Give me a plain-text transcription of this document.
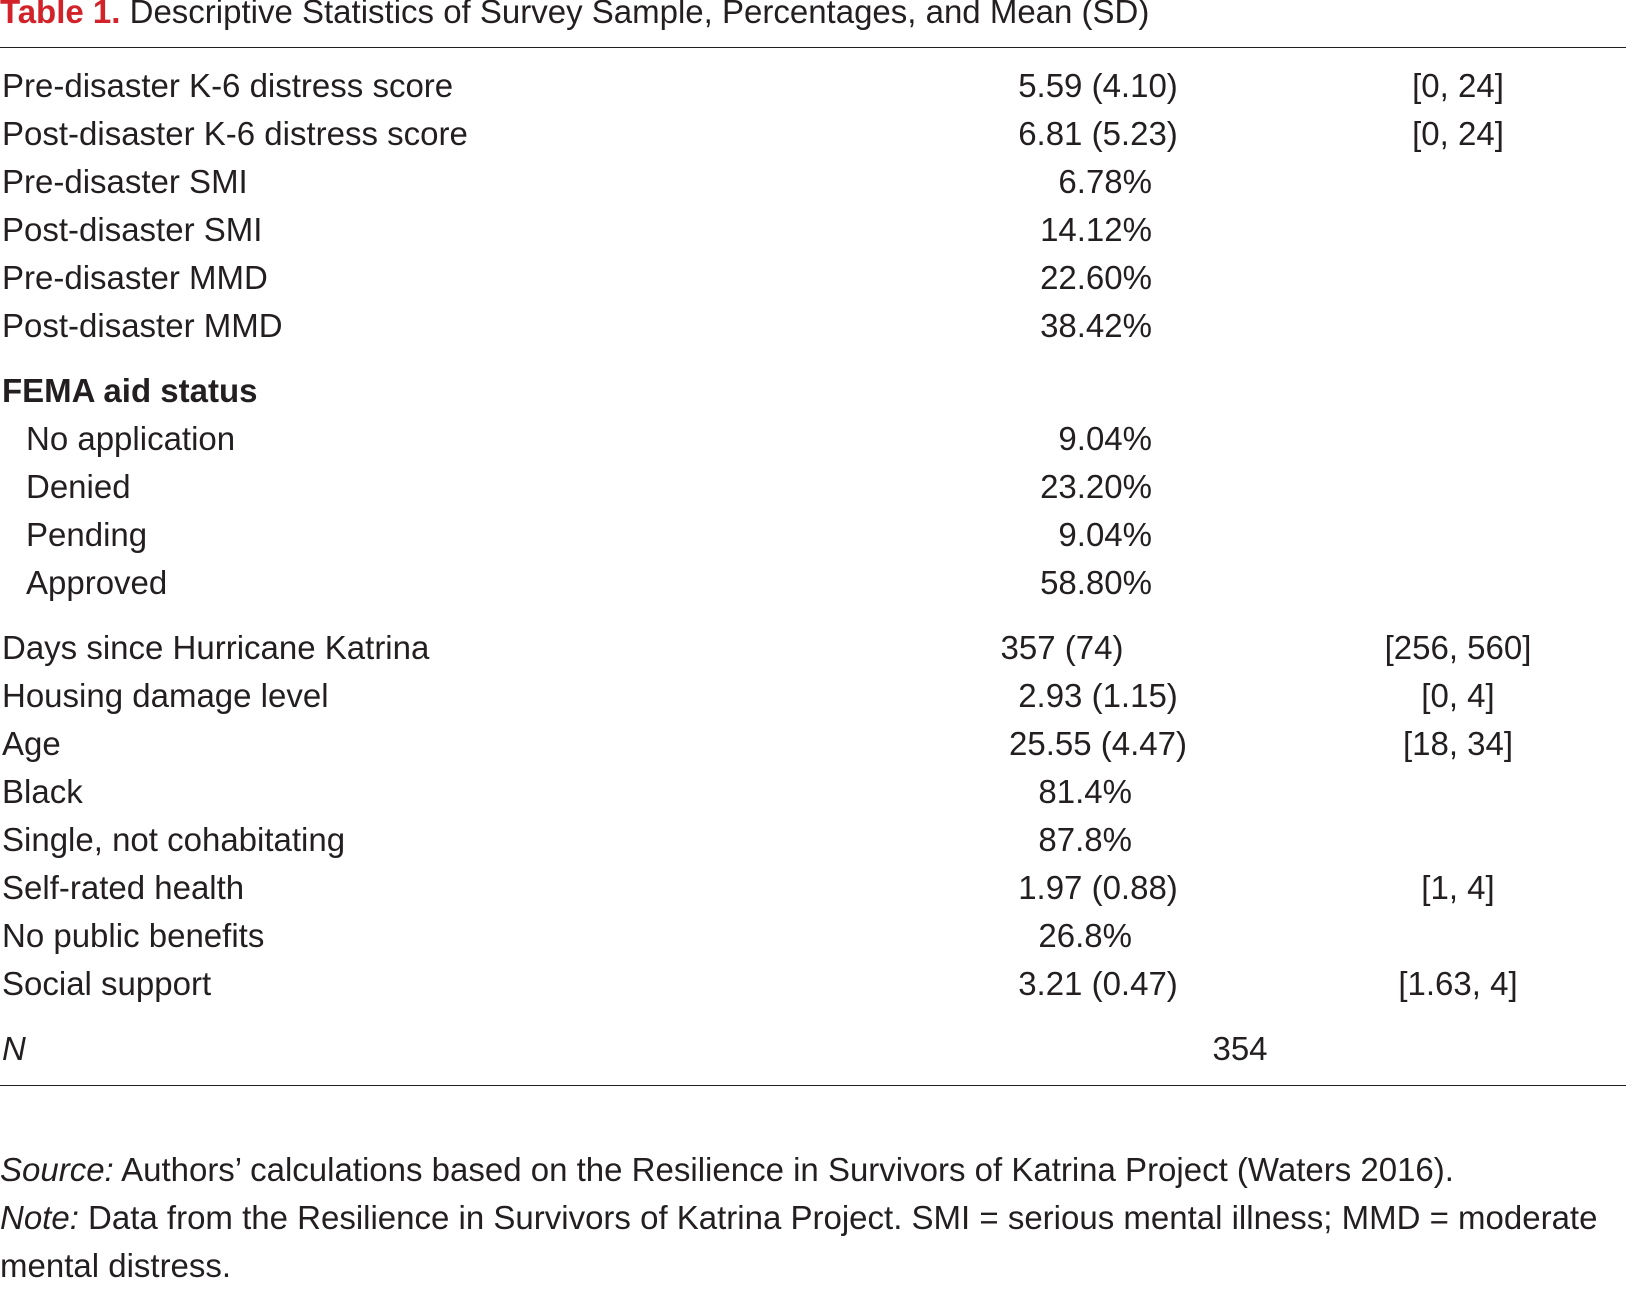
Table 1. Descriptive Statistics of Survey Sample, Percentages, and Mean (SD)
Pre-disaster K-6 distress score	5.59 (4.10)	[0, 24]
Post-disaster K-6 distress score	6.81 (5.23)	[0, 24]
Pre-disaster SMI	6.78%
Post-disaster SMI	14.12%
Pre-disaster MMD	22.60%
Post-disaster MMD	38.42%
FEMA aid status
No application	9.04%
Denied	23.20%
Pending	9.04%
Approved	58.80%
Days since Hurricane Katrina	357 (74)	[256, 560]
Housing damage level	2.93 (1.15)	[0, 4]
Age	25.55 (4.47)	[18, 34]
Black	81.4%
Single, not cohabitating	87.8%
Self-rated health	1.97 (0.88)	[1, 4]
No public benefits	26.8%
Social support	3.21 (0.47)	[1.63, 4]
N	354

Source: Authors’ calculations based on the Resilience in Survivors of Katrina Project (Waters 2016).

Note: Data from the Resilience in Survivors of Katrina Project. SMI = serious mental illness; MMD = moderate mental distress.
